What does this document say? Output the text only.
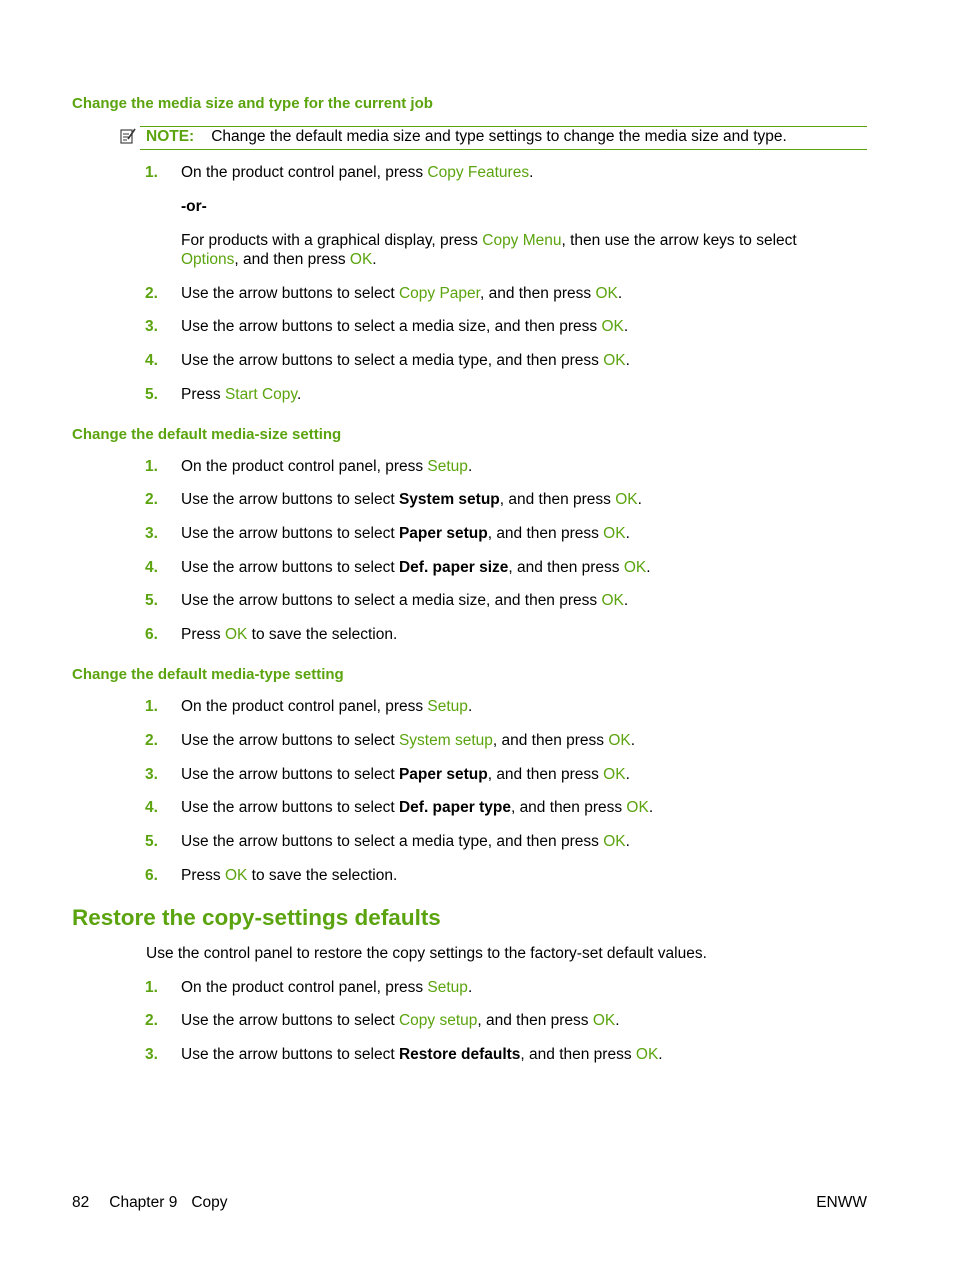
Change the media size and type for the current job
NOTE: Change the default media size and type settings to change the media size and type.
1. On the product control panel, press Copy Features.
-or-
For products with a graphical display, press Copy Menu, then use the arrow keys to select
Options, and then press OK.
2. Use the arrow buttons to select Copy Paper, and then press OK.
3. Use the arrow buttons to select a media size, and then press OK.
4. Use the arrow buttons to select a media type, and then press OK.
5. Press Start Copy.
Change the default media-size setting
1. On the product control panel, press Setup.
2. Use the arrow buttons to select System setup, and then press OK.
3. Use the arrow buttons to select Paper setup, and then press OK.
4. Use the arrow buttons to select Def. paper size, and then press OK.
5. Use the arrow buttons to select a media size, and then press OK.
6. Press OK to save the selection.
Change the default media-type setting
1. On the product control panel, press Setup.
2. Use the arrow buttons to select System setup, and then press OK.
3. Use the arrow buttons to select Paper setup, and then press OK.
4. Use the arrow buttons to select Def. paper type, and then press OK.
5. Use the arrow buttons to select a media type, and then press OK.
6. Press OK to save the selection.
Restore the copy-settings defaults
Use the control panel to restore the copy settings to the factory-set default values.
1. On the product control panel, press Setup.
2. Use the arrow buttons to select Copy setup, and then press OK.
3. Use the arrow buttons to select Restore defaults, and then press OK.
82 Chapter 9 Copy	ENWW
